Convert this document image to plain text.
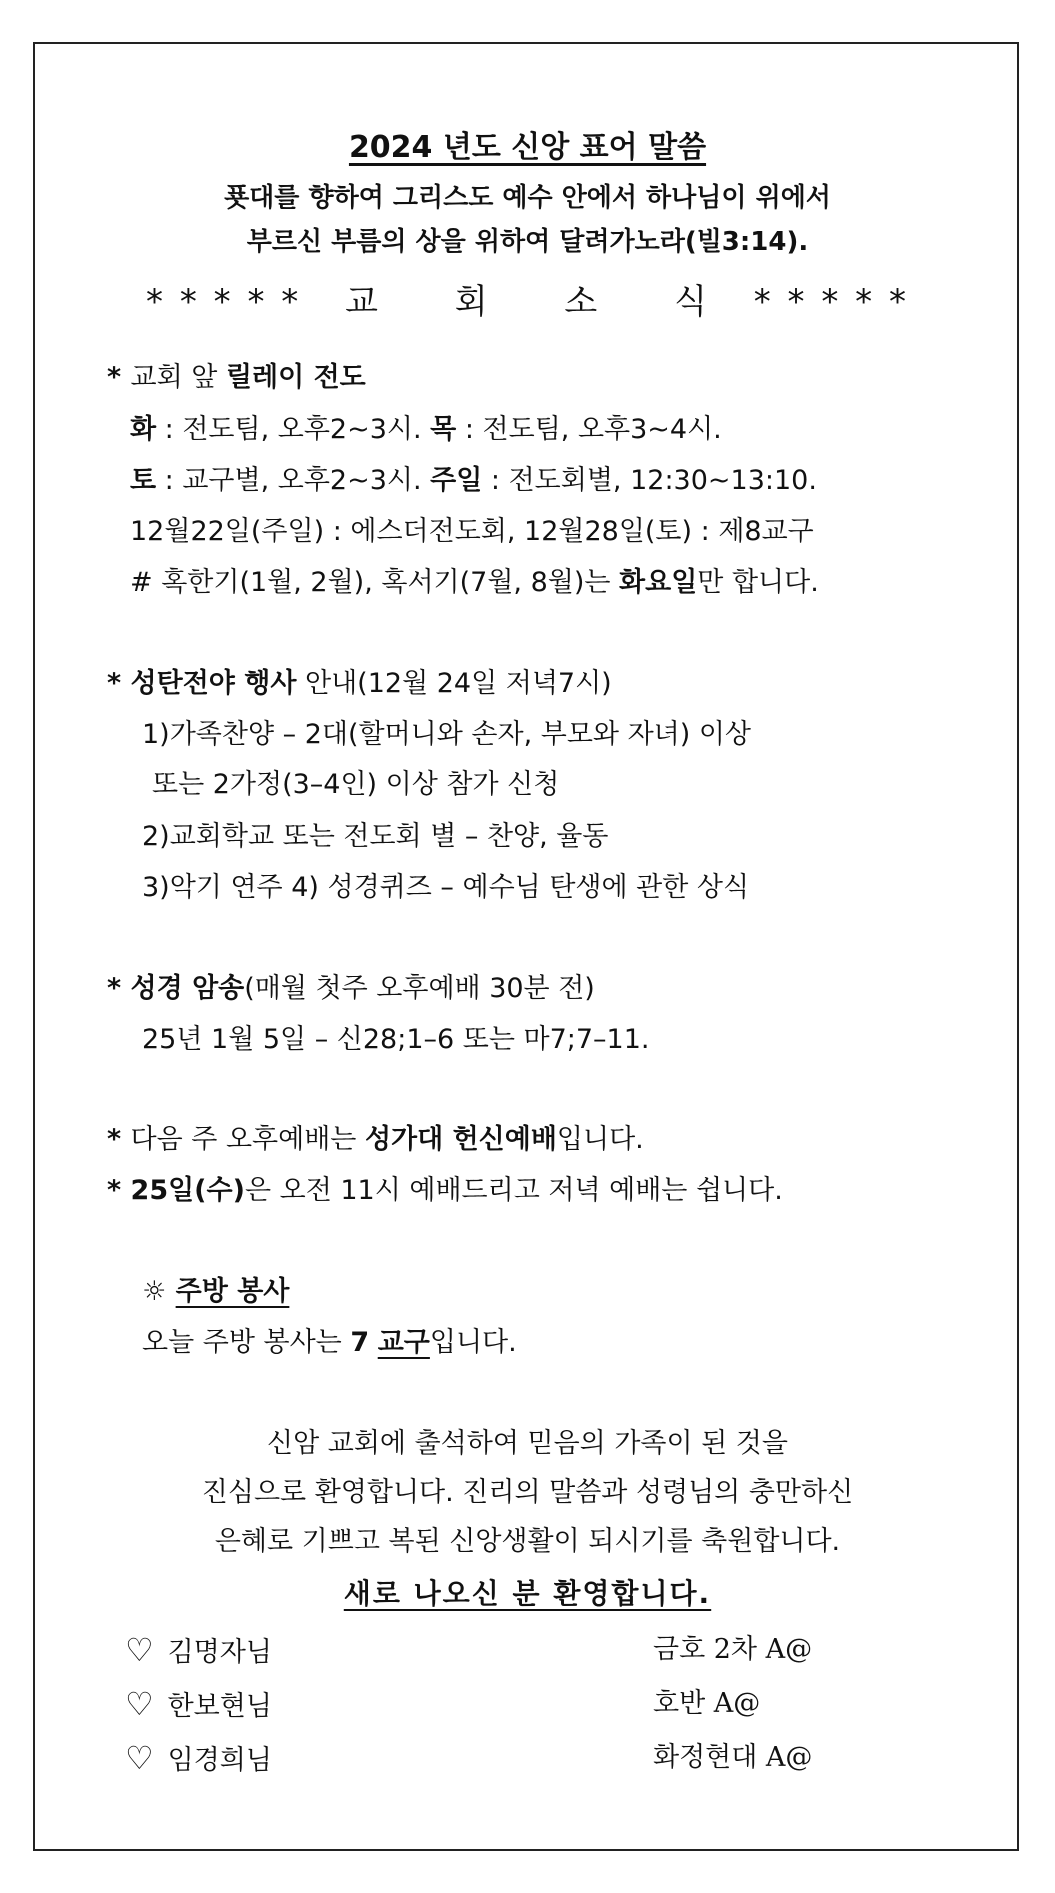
2024 년도 신앙 표어 말씀
푯대를 향하여 그리스도 예수 안에서 하나님이 위에서
부르신 부름의 상을 위하여 달려가노라(빌3:14).
* * * * * 교 회 소 식 * * * * *
* 교회 앞 릴레이 전도
화 : 전도팀, 오후2~3시. 목 : 전도팀, 오후3~4시.
토 : 교구별, 오후2~3시. 주일 : 전도회별, 12:30~13:10.
12월22일(주일) : 에스더전도회, 12월28일(토) : 제8교구
# 혹한기(1월, 2월), 혹서기(7월, 8월)는 화요일만 합니다.
* 성탄전야 행사 안내(12월 24일 저녁7시)
1)가족찬양 – 2대(할머니와 손자, 부모와 자녀) 이상
또는 2가정(3–4인) 이상 참가 신청
2)교회학교 또는 전도회 별 – 찬양, 율동
3)악기 연주 4) 성경퀴즈 – 예수님 탄생에 관한 상식
* 성경 암송(매월 첫주 오후예배 30분 전)
25년 1월 5일 – 신28;1–6 또는 마7;7–11.
* 다음 주 오후예배는 성가대 헌신예배입니다.
* 25일(수)은 오전 11시 예배드리고 저녁 예배는 쉽니다.
☼ 주방 봉사
오늘 주방 봉사는 7 교구입니다.
신암 교회에 출석하여 믿음의 가족이 된 것을
진심으로 환영합니다. 진리의 말씀과 성령님의 충만하신
은혜로 기쁘고 복된 신앙생활이 되시기를 축원합니다.
새로 나오신 분 환영합니다.
♡ 김명자님	금호 2차 A@
♡ 한보현님	호반 A@
♡ 임경희님	화정현대 A@
